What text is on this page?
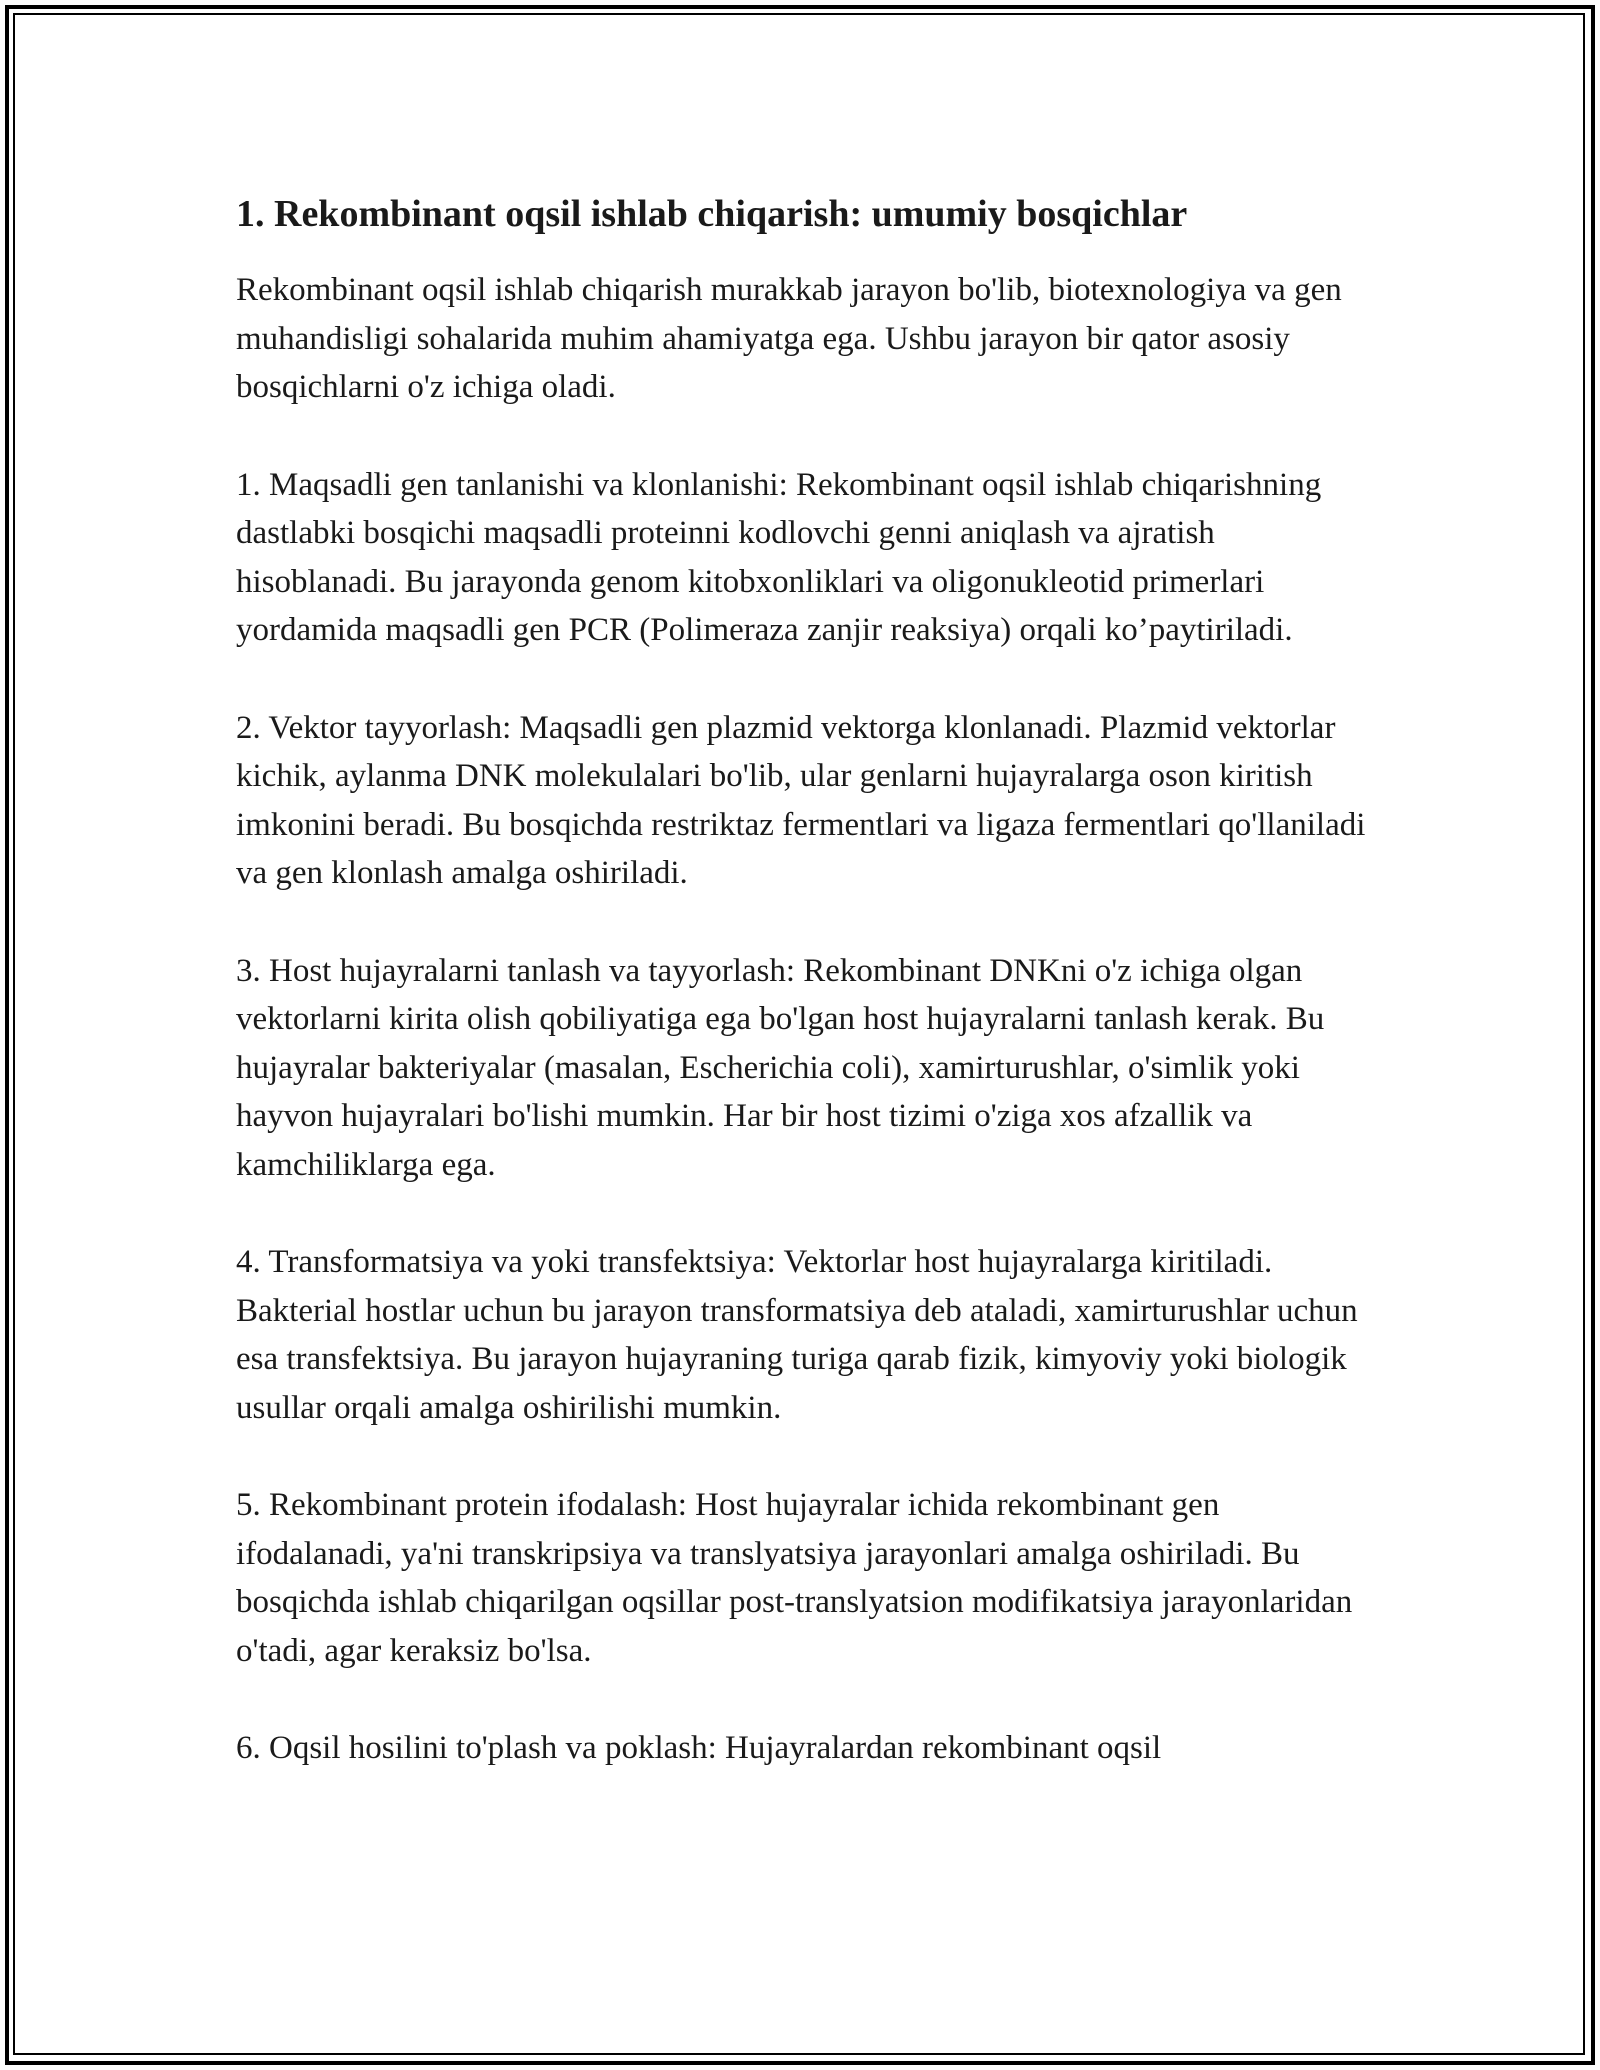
1. Rekombinant oqsil ishlab chiqarish: umumiy bosqichlar

Rekombinant oqsil ishlab chiqarish murakkab jarayon bo'lib, biotexnologiya va gen muhandisligi sohalarida muhim ahamiyatga ega. Ushbu jarayon bir qator asosiy bosqichlarni o'z ichiga oladi.

1. Maqsadli gen tanlanishi va klonlanishi: Rekombinant oqsil ishlab chiqarishning dastlabki bosqichi maqsadli proteinni kodlovchi genni aniqlash va ajratish hisoblanadi. Bu jarayonda genom kitobxonliklari va oligonukleotid primerlari yordamida maqsadli gen PCR (Polimeraza zanjir reaksiya) orqali ko’paytiriladi.

2. Vektor tayyorlash: Maqsadli gen plazmid vektorga klonlanadi. Plazmid vektorlar kichik, aylanma DNK molekulalari bo'lib, ular genlarni hujayralarga oson kiritish imkonini beradi. Bu bosqichda restriktaz fermentlari va ligaza fermentlari qo'llaniladi va gen klonlash amalga oshiriladi.

3. Host hujayralarni tanlash va tayyorlash: Rekombinant DNKni o'z ichiga olgan vektorlarni kirita olish qobiliyatiga ega bo'lgan host hujayralarni tanlash kerak. Bu hujayralar bakteriyalar (masalan, Escherichia coli), xamirturushlar, o'simlik yoki hayvon hujayralari bo'lishi mumkin. Har bir host tizimi o'ziga xos afzallik va kamchiliklarga ega.

4. Transformatsiya va yoki transfektsiya: Vektorlar host hujayralarga kiritiladi. Bakterial hostlar uchun bu jarayon transformatsiya deb ataladi, xamirturushlar uchun esa transfektsiya. Bu jarayon hujayraning turiga qarab fizik, kimyoviy yoki biologik usullar orqali amalga oshirilishi mumkin.

5. Rekombinant protein ifodalash: Host hujayralar ichida rekombinant gen ifodalanadi, ya'ni transkripsiya va translyatsiya jarayonlari amalga oshiriladi. Bu bosqichda ishlab chiqarilgan oqsillar post-translyatsion modifikatsiya jarayonlaridan o'tadi, agar keraksiz bo'lsa.

6. Oqsil hosilini to'plash va poklash: Hujayralardan rekombinant oqsil
